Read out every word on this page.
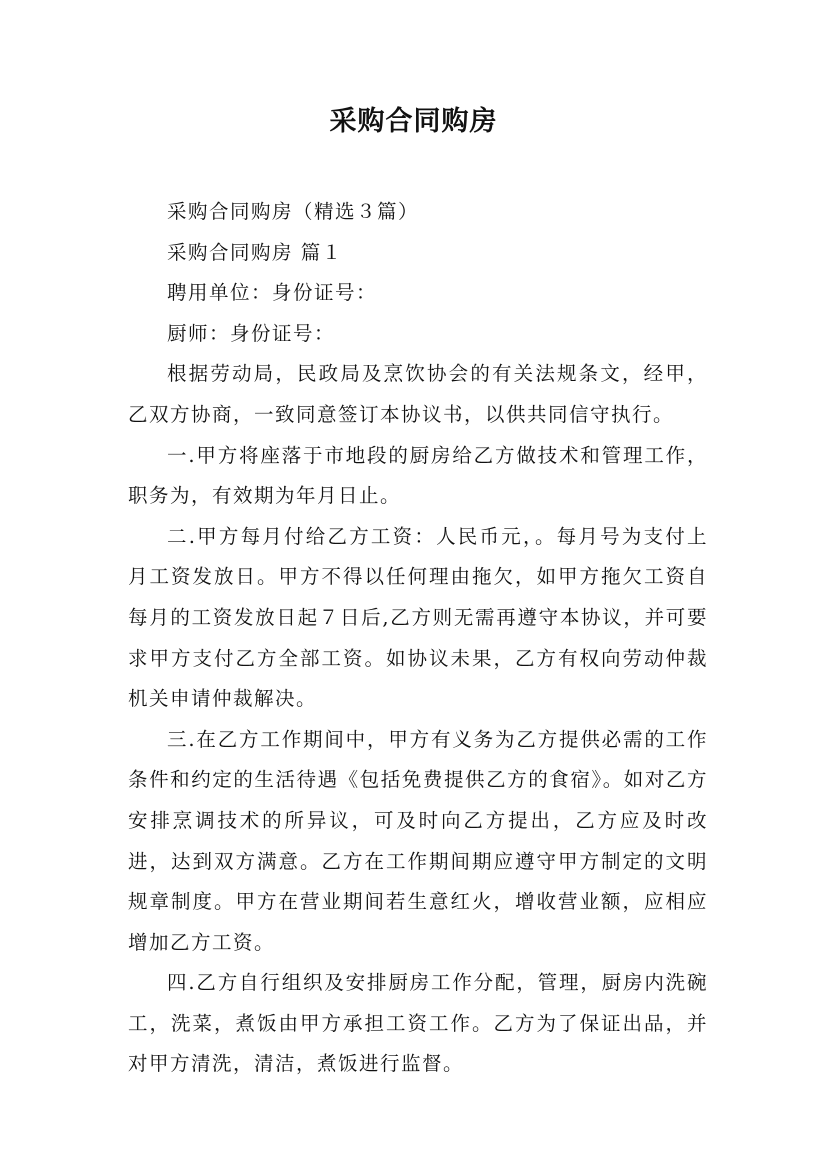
采购合同购房

采购合同购房（精选３篇）

采购合同购房 篇１

聘用单位：身份证号：

厨师：身份证号：

根据劳动局，民政局及烹饮协会的有关法规条文，经甲，乙双方协商，一致同意签订本协议书，以供共同信守执行。

一.甲方将座落于市地段的厨房给乙方做技术和管理工作，职务为，有效期为年月日止。

二.甲方每月付给乙方工资：人民币元，。每月号为支付上月工资发放日。甲方不得以任何理由拖欠，如甲方拖欠工资自每月的工资发放日起７日后,乙方则无需再遵守本协议，并可要求甲方支付乙方全部工资。如协议未果，乙方有权向劳动仲裁机关申请仲裁解决。

三.在乙方工作期间中，甲方有义务为乙方提供必需的工作条件和约定的生活待遇《包括免费提供乙方的食宿》。如对乙方安排烹调技术的所异议，可及时向乙方提出，乙方应及时改进，达到双方满意。乙方在工作期间期应遵守甲方制定的文明规章制度。甲方在营业期间若生意红火，增收营业额，应相应增加乙方工资。

四.乙方自行组织及安排厨房工作分配，管理，厨房内洗碗工，洗菜，煮饭由甲方承担工资工作。乙方为了保证出品，并对甲方清洗，清洁，煮饭进行监督。
